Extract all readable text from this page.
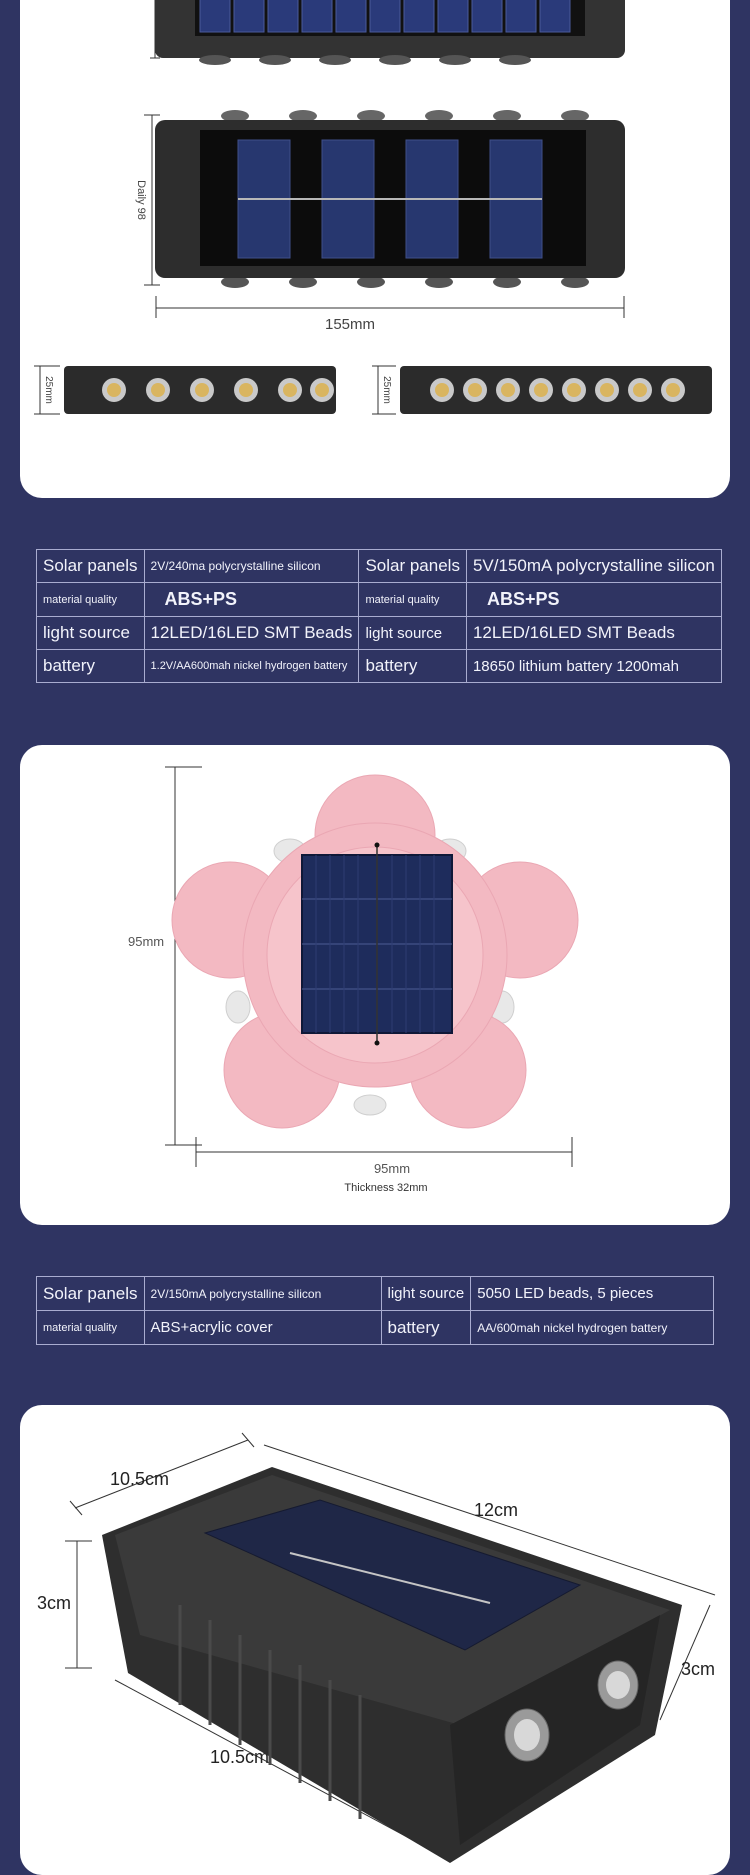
Daily 98
155mm
25mm	25mm
Solar panels	2V/240ma polycrystalline silicon	Solar panels	5V/150mA polycrystalline silicon
material quality	ABS+PS	material quality	ABS+PS
light source	12LED/16LED SMT Beads	light source	12LED/16LED SMT Beads
battery	1.2V/AA600mah nickel hydrogen battery	battery	18650 lithium battery 1200mah
95mm
95mm
Thickness 32mm
Solar panels	2V/150mA polycrystalline silicon	light source	5050 LED beads, 5 pieces
material quality	ABS+acrylic cover	battery	AA/600mah nickel hydrogen battery
10.5cm
12cm
3cm
3cm
10.5cm
